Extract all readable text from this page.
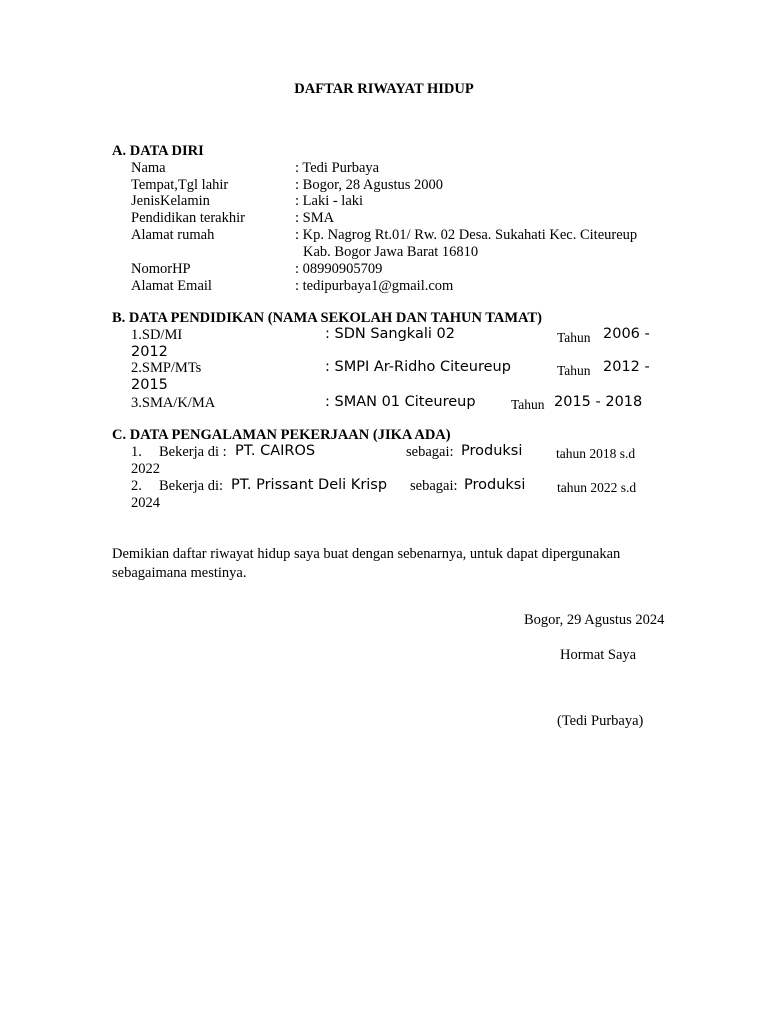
DAFTAR RIWAYAT HIDUP
A. DATA DIRI
Nama	: Tedi Purbaya
Tempat,Tgl lahir	: Bogor, 28 Agustus 2000
JenisKelamin	: Laki - laki
Pendidikan terakhir	: SMA
Alamat rumah	: Kp. Nagrog Rt.01/ Rw. 02 Desa. Sukahati Kec. Citeureup
Kab. Bogor Jawa Barat 16810
NomorHP	: 08990905709
Alamat Email	: tedipurbaya1@gmail.com
B. DATA PENDIDIKAN (NAMA SEKOLAH DAN TAHUN TAMAT)
1.SD/MI	: SDN Sangkali 02	Tahun 2006 -
2012
2.SMP/MTs	: SMPI Ar-Ridho Citeureup	Tahun 2012 -
2015
3.SMA/K/MA	: SMAN 01 Citeureup	Tahun 2015 - 2018
C. DATA PENGALAMAN PEKERJAAN (JIKA ADA)
1. Bekerja di : PT. CAIROS	sebagai: Produksi tahun 2018 s.d
2022
2. Bekerja di: PT. Prissant Deli Krisp sebagai: Produksi tahun 2022 s.d
2024
Demikian daftar riwayat hidup saya buat dengan sebenarnya, untuk dapat dipergunakan
sebagaimana mestinya.
Bogor, 29 Agustus 2024
Hormat Saya
(Tedi Purbaya)
